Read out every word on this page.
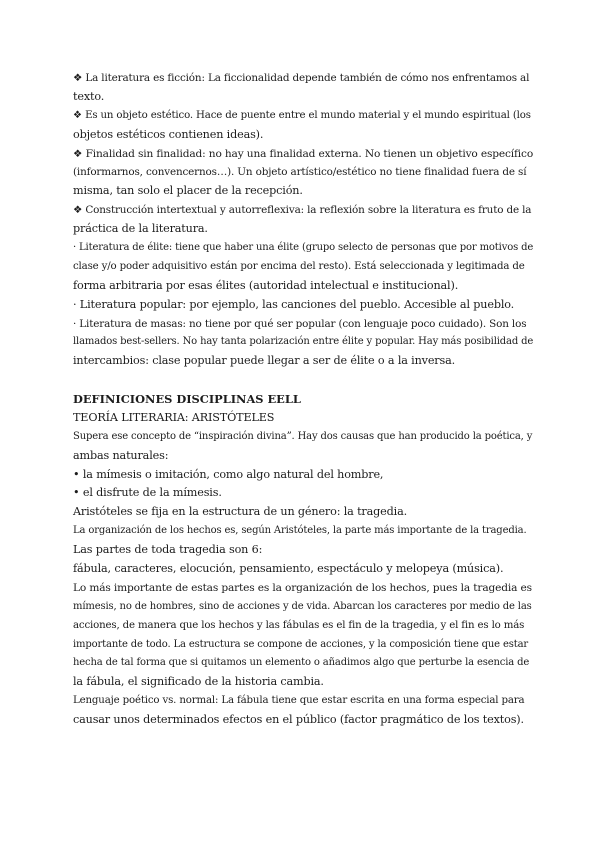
❖ La literatura es ficción: La ficcionalidad depende también de cómo nos enfrentamos al
texto.
❖ Es un objeto estético. Hace de puente entre el mundo material y el mundo espiritual (los
objetos estéticos contienen ideas).
❖ Finalidad sin finalidad: no hay una finalidad externa. No tienen un objetivo específico
(informarnos, convencernos…). Un objeto artístico/estético no tiene finalidad fuera de sí
misma, tan solo el placer de la recepción.
❖ Construcción intertextual y autorreflexiva: la reflexión sobre la literatura es fruto de la
práctica de la literatura.
· Literatura de élite: tiene que haber una élite (grupo selecto de personas que por motivos de
clase y/o poder adquisitivo están por encima del resto). Está seleccionada y legitimada de
forma arbitraria por esas élites (autoridad intelectual e institucional).
· Literatura popular: por ejemplo, las canciones del pueblo. Accesible al pueblo.
· Literatura de masas: no tiene por qué ser popular (con lenguaje poco cuidado). Son los
llamados best-sellers. No hay tanta polarización entre élite y popular. Hay más posibilidad de
intercambios: clase popular puede llegar a ser de élite o a la inversa.
DEFINICIONES DISCIPLINAS EELL
TEORÍA LITERARIA: ARISTÓTELES
Supera ese concepto de “inspiración divina”. Hay dos causas que han producido la poética, y
ambas naturales:
• la mímesis o imitación, como algo natural del hombre,
• el disfrute de la mímesis.
Aristóteles se fija en la estructura de un género: la tragedia.
La organización de los hechos es, según Aristóteles, la parte más importante de la tragedia.
Las partes de toda tragedia son 6:
fábula, caracteres, elocución, pensamiento, espectáculo y melopeya (música).
Lo más importante de estas partes es la organización de los hechos, pues la tragedia es
mímesis, no de hombres, sino de acciones y de vida. Abarcan los caracteres por medio de las
acciones, de manera que los hechos y las fábulas es el fin de la tragedia, y el fin es lo más
importante de todo. La estructura se compone de acciones, y la composición tiene que estar
hecha de tal forma que si quitamos un elemento o añadimos algo que perturbe la esencia de
la fábula, el significado de la historia cambia.
Lenguaje poético vs. normal: La fábula tiene que estar escrita en una forma especial para
causar unos determinados efectos en el público (factor pragmático de los textos).
